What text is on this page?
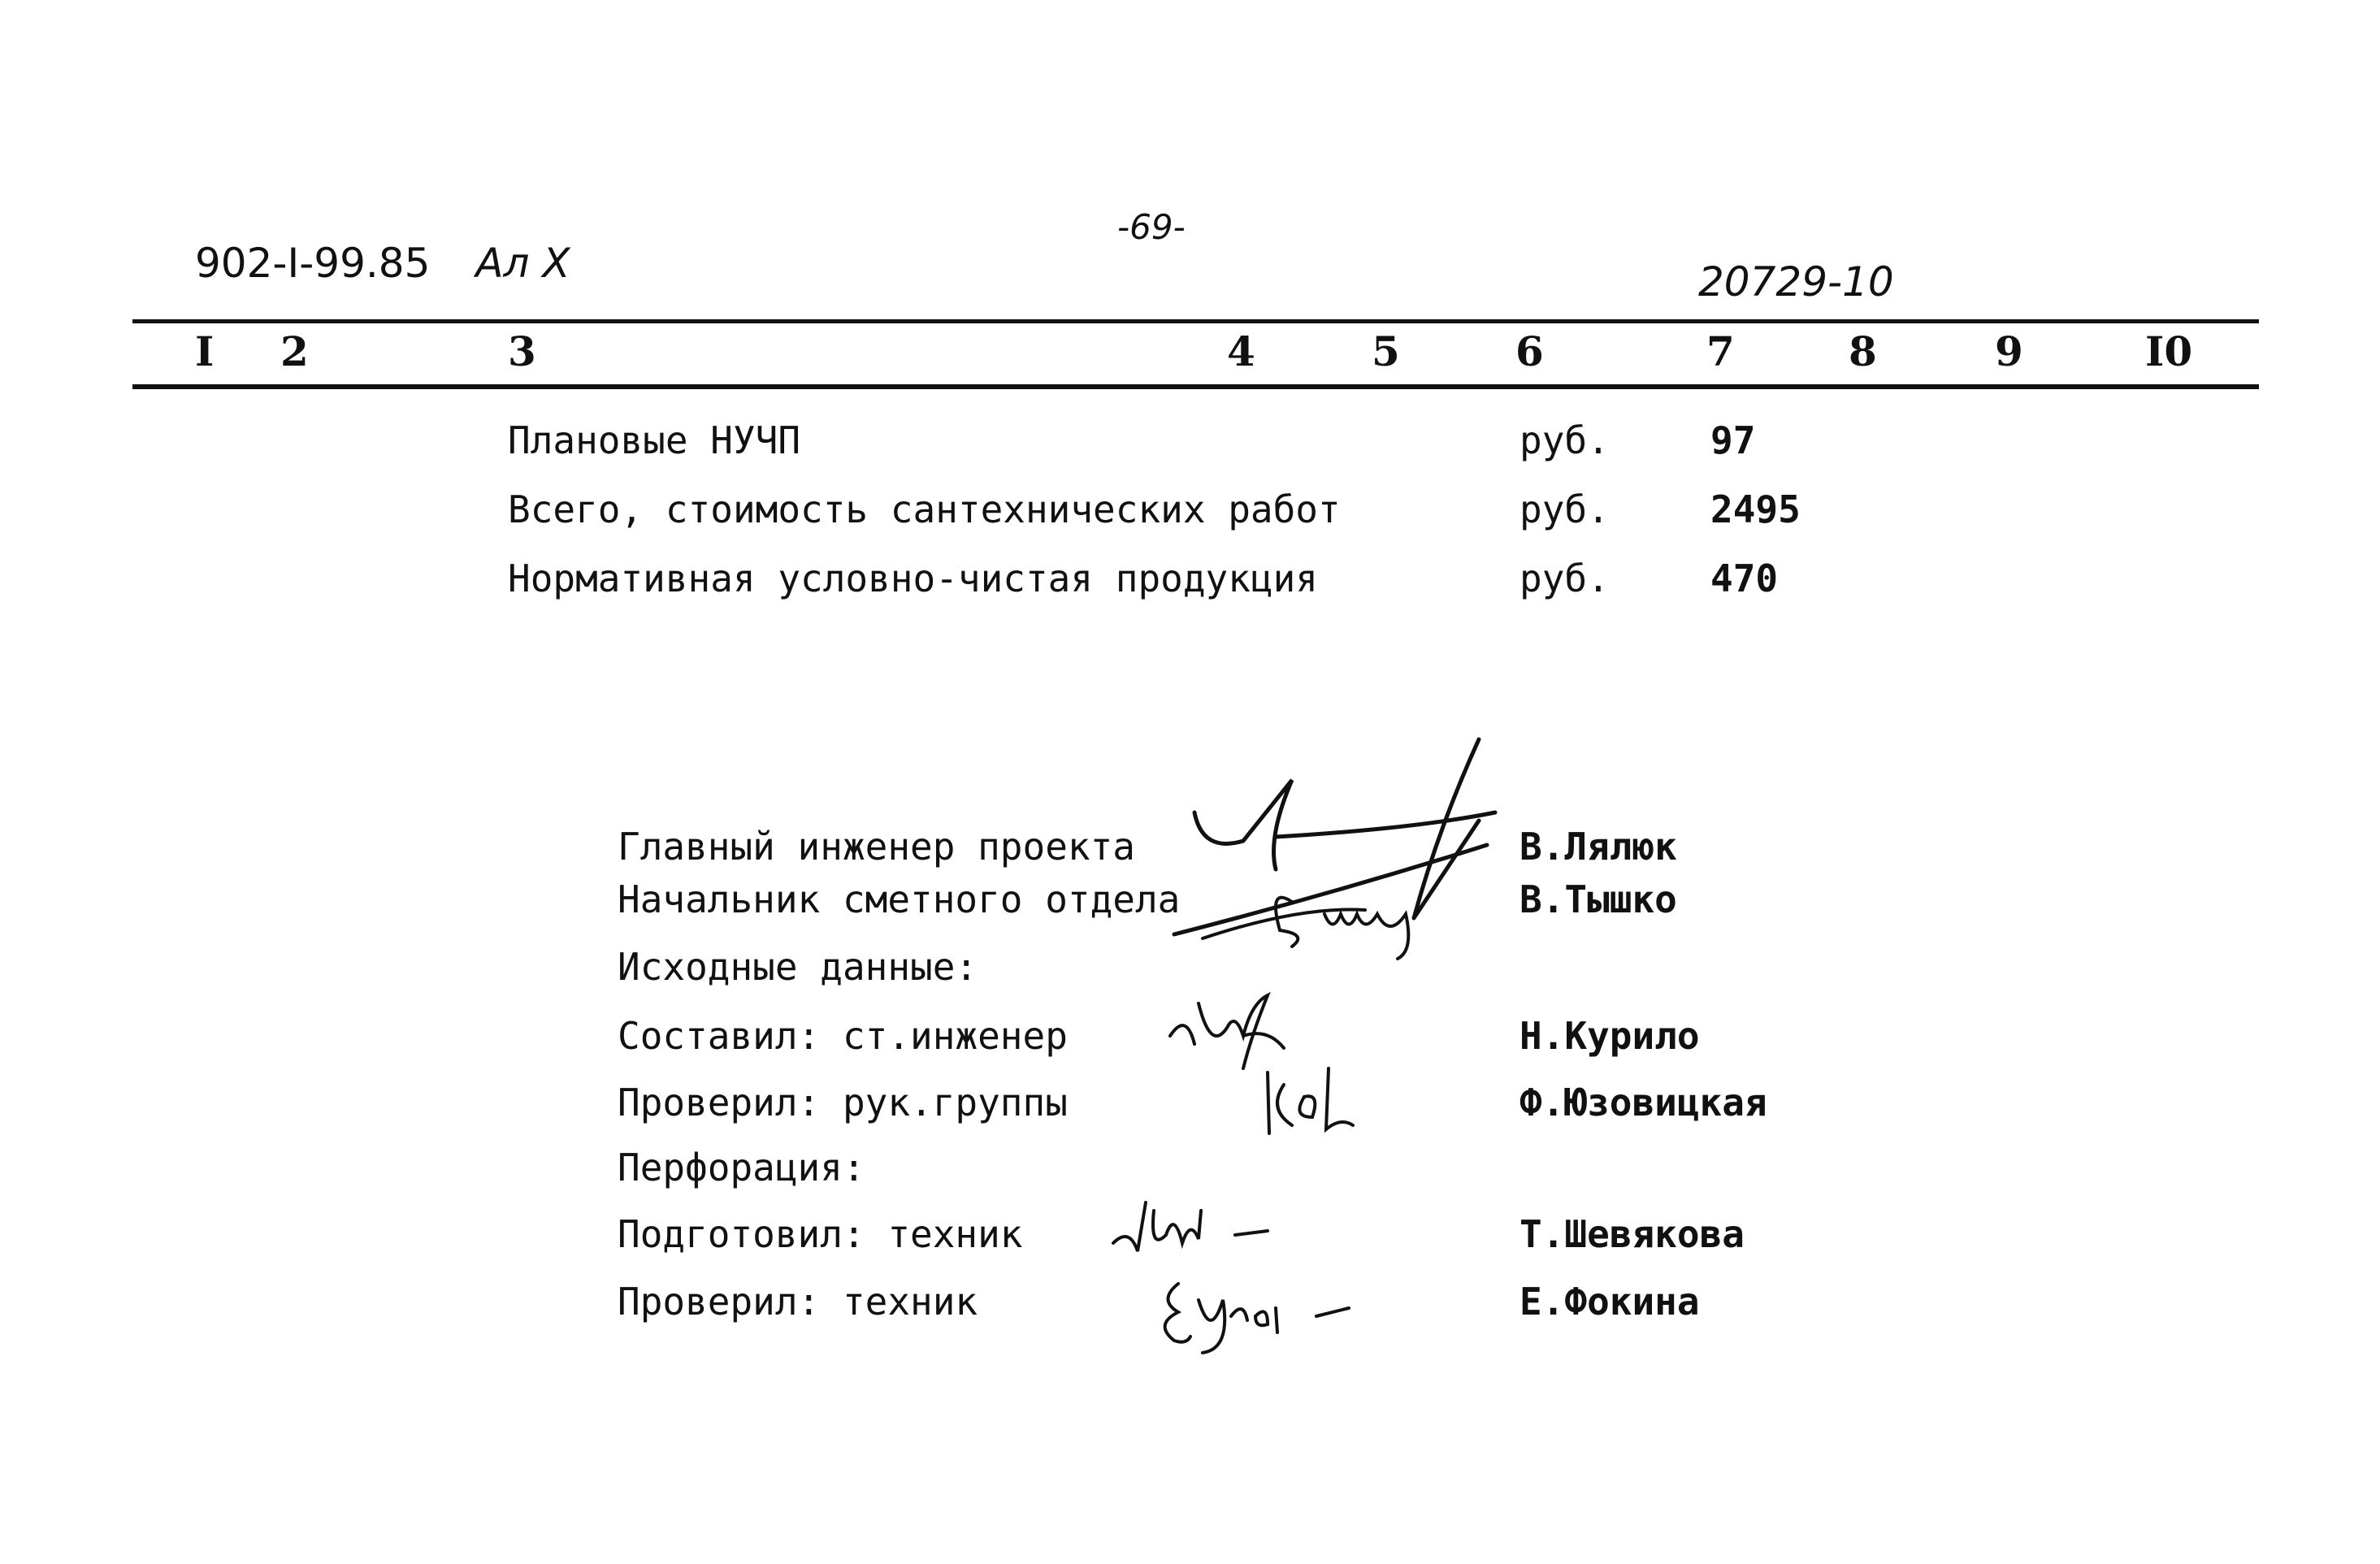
902-I-99.85 Ал Х
-69-
20729-10
I 2	3	4	5	6	7	8	9	I0
Плановые НУЧП	руб.	97
Всего, стоимость сантехнических работ	руб.	2495
Нормативная условно-чистая продукция	руб.	470
Главный инженер проекта	В.Лялюк
Начальник сметного отдела	В.Тышко
Исходные данные:
Составил: ст.инженер	Н.Курило
Проверил: рук.группы	Ф.Юзовицкая
Перфорация:
Подготовил: техник	Т.Шевякова
Проверил: техник	Е.Фокина
